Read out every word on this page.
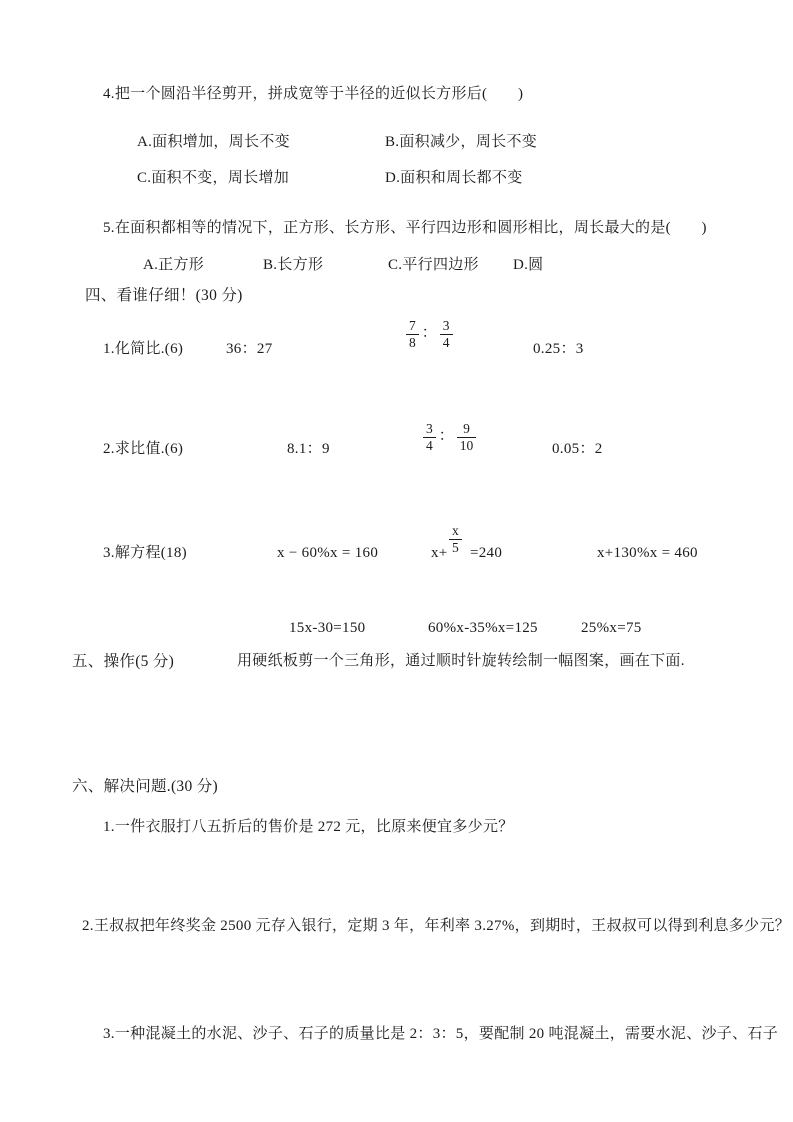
4.把一个圆沿半径剪开，拼成宽等于半径的近似长方形后(　　)
A.面积增加，周长不变	B.面积减少，周长不变
C.面积不变，周长增加	D.面积和周长都不变
5.在面积都相等的情况下，正方形、长方形、平行四边形和圆形相比，周长最大的是(　　)
A.正方形	B.长方形	C.平行四边形 D.圆
四、看谁仔细！(30 分)
1.化简比.(6)	36：27	$\frac{7}{8}$ ： $\frac{3}{4}$	0.25：3
2.求比值.(6)	8.1：9	$\frac{3}{4}$ ： $\frac{9}{10}$	0.05：2
3.解方程(18)	x − 60%x = 160	$x+ \frac{x}{5} =240$	x+130%x = 460
15x-30=150	60%x-35%x=125	25%x=75
五、操作(5 分)	用硬纸板剪一个三角形，通过顺时针旋转绘制一幅图案，画在下面.
六、解决问题.(30 分)
1.一件衣服打八五折后的售价是 272 元，比原来便宜多少元？
2.王叔叔把年终奖金 2500 元存入银行，定期 3 年，年利率 3.27%，到期时，王叔叔可以得到利息多少元？
3.一种混凝土的水泥、沙子、石子的质量比是 2：3：5，要配制 20 吨混凝土，需要水泥、沙子、石子
